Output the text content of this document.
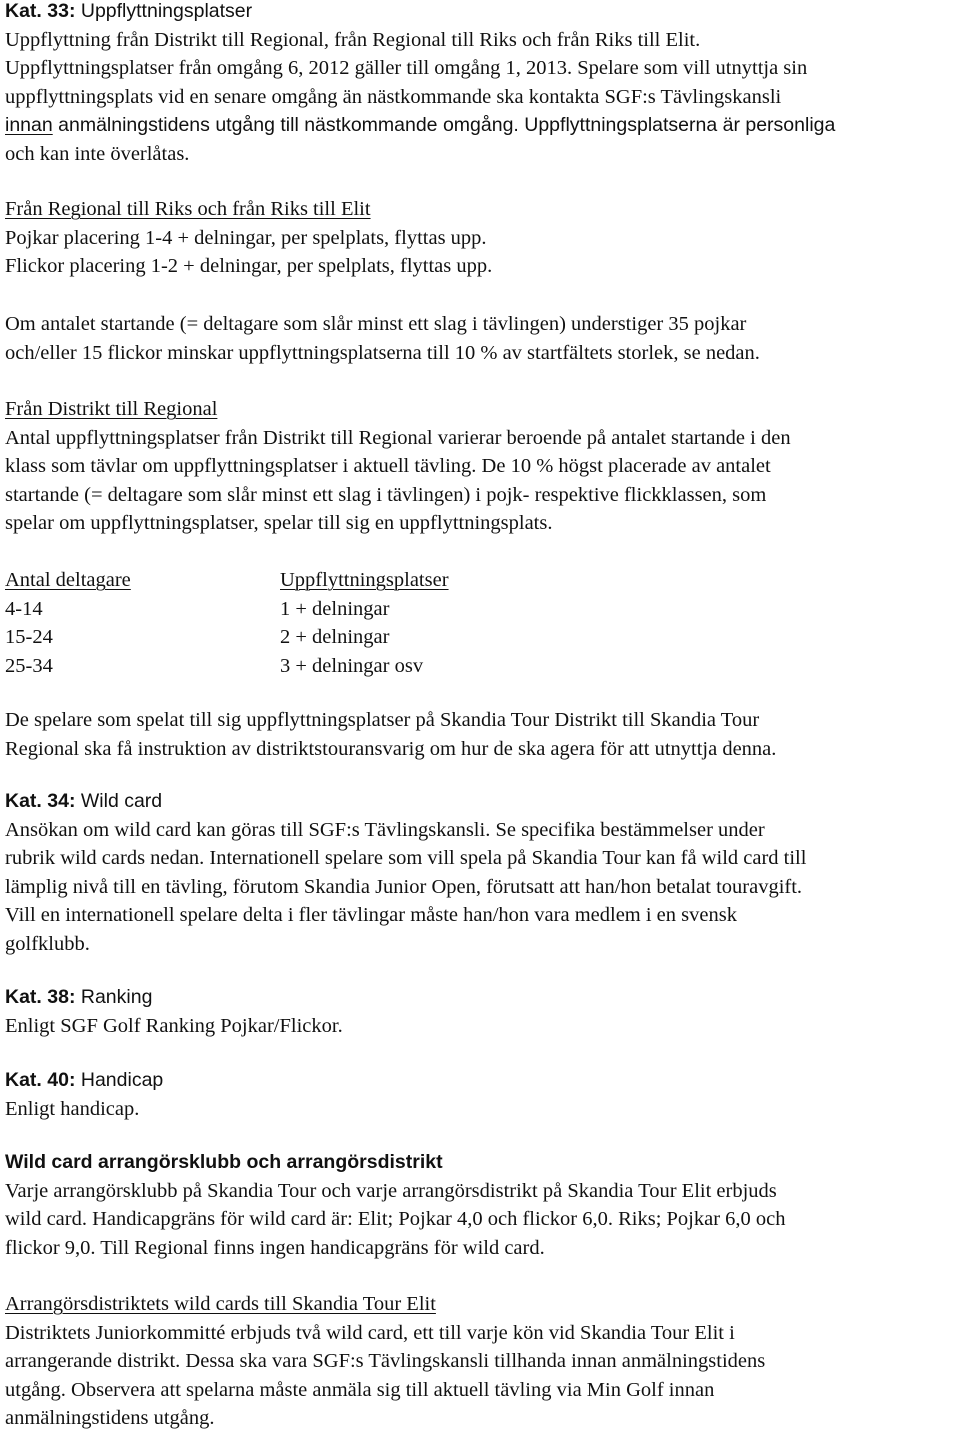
Kat. 33: Uppflyttningsplatser
Uppflyttning från Distrikt till Regional, från Regional till Riks och från Riks till Elit.
Uppflyttningsplatser från omgång 6, 2012 gäller till omgång 1, 2013. Spelare som vill utnyttja sin
uppflyttningsplats vid en senare omgång än nästkommande ska kontakta SGF:s Tävlingskansli
innan anmälningstidens utgång till nästkommande omgång. Uppflyttningsplatserna är personliga
och kan inte överlåtas.
Från Regional till Riks och från Riks till Elit
Pojkar placering 1-4 + delningar, per spelplats, flyttas upp.
Flickor placering 1-2 + delningar, per spelplats, flyttas upp.
Om antalet startande (= deltagare som slår minst ett slag i tävlingen) understiger 35 pojkar
och/eller 15 flickor minskar uppflyttningsplatserna till 10 % av startfältets storlek, se nedan.
Från Distrikt till Regional
Antal uppflyttningsplatser från Distrikt till Regional varierar beroende på antalet startande i den
klass som tävlar om uppflyttningsplatser i aktuell tävling. De 10 % högst placerade av antalet
startande (= deltagare som slår minst ett slag i tävlingen) i pojk- respektive flickklassen, som
spelar om uppflyttningsplatser, spelar till sig en uppflyttningsplats.
Antal deltagare	Uppflyttningsplatser
4-14	1 + delningar
15-24	2 + delningar
25-34	3 + delningar osv
De spelare som spelat till sig uppflyttningsplatser på Skandia Tour Distrikt till Skandia Tour
Regional ska få instruktion av distriktstouransvarig om hur de ska agera för att utnyttja denna.
Kat. 34: Wild card
Ansökan om wild card kan göras till SGF:s Tävlingskansli. Se specifika bestämmelser under
rubrik wild cards nedan. Internationell spelare som vill spela på Skandia Tour kan få wild card till
lämplig nivå till en tävling, förutom Skandia Junior Open, förutsatt att han/hon betalat touravgift.
Vill en internationell spelare delta i fler tävlingar måste han/hon vara medlem i en svensk
golfklubb.
Kat. 38: Ranking
Enligt SGF Golf Ranking Pojkar/Flickor.
Kat. 40: Handicap
Enligt handicap.
Wild card arrangörsklubb och arrangörsdistrikt
Varje arrangörsklubb på Skandia Tour och varje arrangörsdistrikt på Skandia Tour Elit erbjuds
wild card. Handicapgräns för wild card är: Elit; Pojkar 4,0 och flickor 6,0. Riks; Pojkar 6,0 och
flickor 9,0. Till Regional finns ingen handicapgräns för wild card.
Arrangörsdistriktets wild cards till Skandia Tour Elit
Distriktets Juniorkommitté erbjuds två wild card, ett till varje kön vid Skandia Tour Elit i
arrangerande distrikt. Dessa ska vara SGF:s Tävlingskansli tillhanda innan anmälningstidens
utgång. Observera att spelarna måste anmäla sig till aktuell tävling via Min Golf innan
anmälningstidens utgång.
